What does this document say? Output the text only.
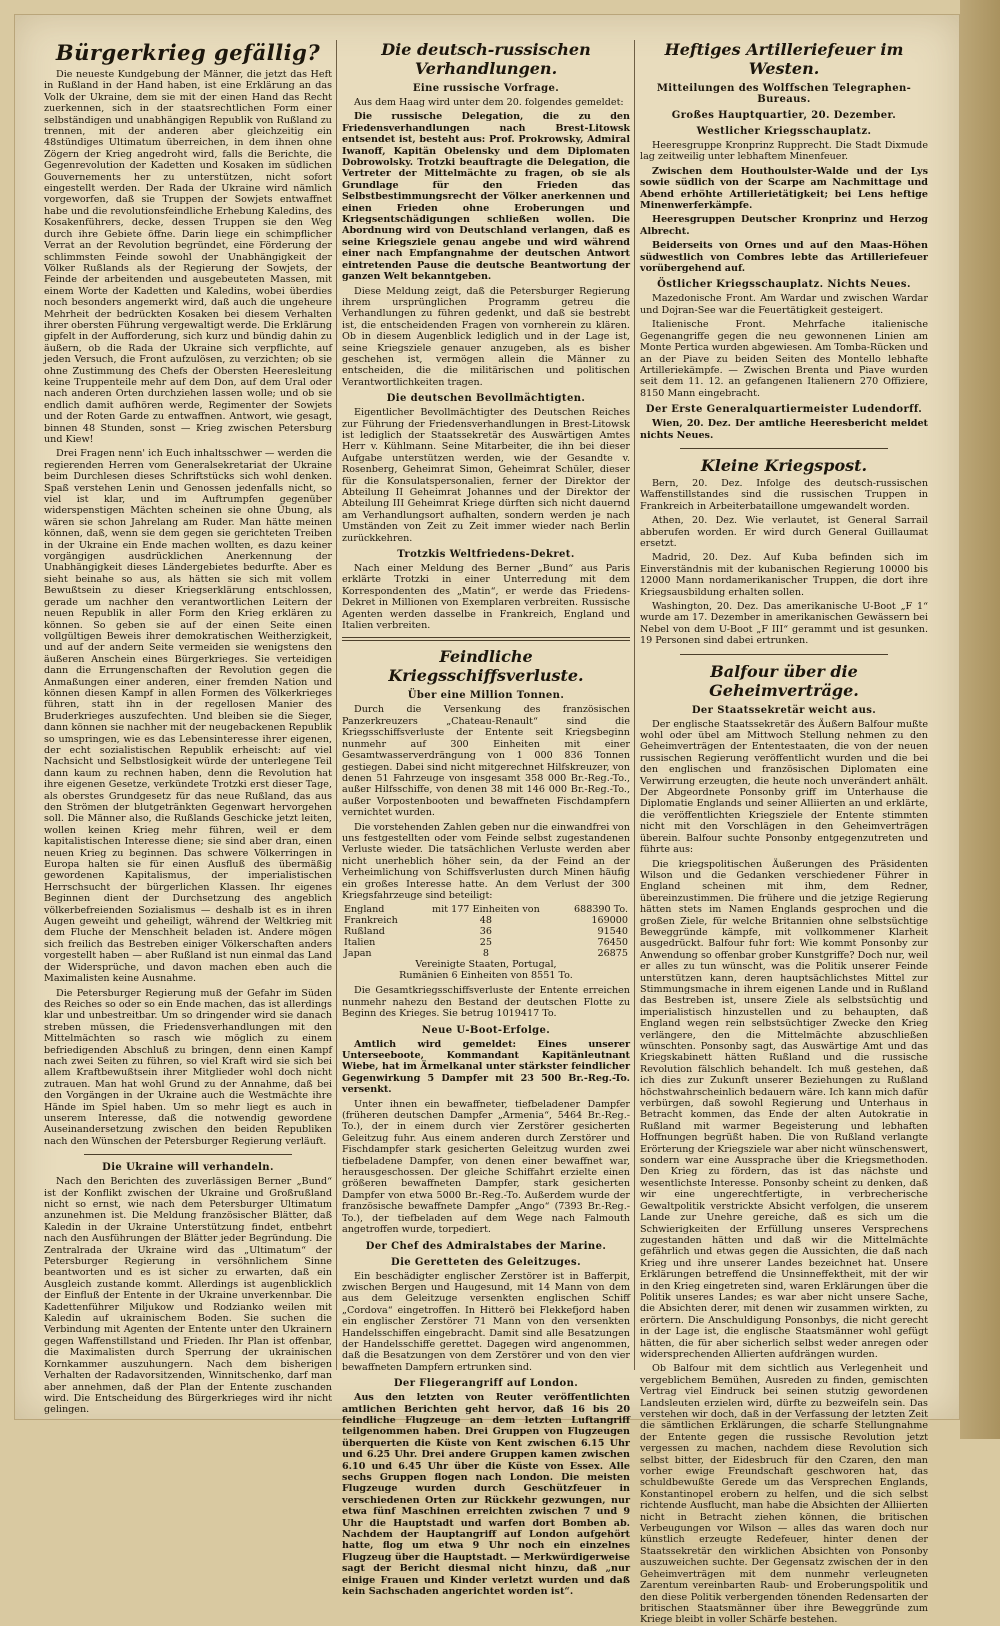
Bürgerkrieg gefällig?

Die neueste Kundgebung der Männer, die jetzt das Heft in Rußland in der Hand haben, ist eine Erklärung an das Volk der Ukraine, dem sie mit der einen Hand das Recht zuerkennen, sich in der staatsrechtlichen Form einer selbständigen und unabhängigen Republik von Rußland zu trennen, mit der anderen aber gleichzeitig ein 48stündiges Ultimatum überreichen, in dem ihnen ohne Zögern der Krieg angedroht wird, falls die Berichte, die Gegenrevolution der Kadetten und Kosaken im südlichen Gouvernements her zu unterstützen, nicht sofort eingestellt werden. Der Rada der Ukraine wird nämlich vorgeworfen, daß sie Truppen der Sowjets entwaffnet habe und die revolutionsfeindliche Erhebung Kaledins, des Kosakenführers, decke, dessen Truppen sie den Weg durch ihre Gebiete öffne. Darin liege ein schimpflicher Verrat an der Revolution begründet, eine Förderung der schlimmsten Feinde sowohl der Unabhängigkeit der Völker Rußlands als der Regierung der Sowjets, der Feinde der arbeitenden und ausgebeuteten Massen, mit einem Worte der Kadetten und Kaledins, wobei überdies noch besonders angemerkt wird, daß auch die ungeheure Mehrheit der bedrückten Kosaken bei diesem Verhalten ihrer obersten Führung vergewaltigt werde. Die Erklärung gipfelt in der Aufforderung, sich kurz und bündig dahin zu äußern, ob die Rada der Ukraine sich verpflichte, auf jeden Versuch, die Front aufzulösen, zu verzichten; ob sie ohne Zustimmung des Chefs der Obersten Heeresleitung keine Truppenteile mehr auf dem Don, auf dem Ural oder nach anderen Orten durchziehen lassen wolle; und ob sie endlich damit aufhören werde, Regimenter der Sowjets und der Roten Garde zu entwaffnen. Antwort, wie gesagt, binnen 48 Stunden, sonst — Krieg zwischen Petersburg und Kiew!

Drei Fragen nenn' ich Euch inhaltsschwer — werden die regierenden Herren vom Generalsekretariat der Ukraine beim Durchlesen dieses Schriftstücks sich wohl denken. Spaß verstehen Lenin und Genossen jedenfalls nicht, so viel ist klar, und im Auftrumpfen gegenüber widerspenstigen Mächten scheinen sie ohne Übung, als wären sie schon Jahrelang am Ruder. Man hätte meinen können, daß, wenn sie dem gegen sie gerichteten Treiben in der Ukraine ein Ende machen wollten, es dazu keiner vorgängigen ausdrücklichen Anerkennung der Unabhängigkeit dieses Ländergebietes bedurfte. Aber es sieht beinahe so aus, als hätten sie sich mit vollem Bewußtsein zu dieser Kriegserklärung entschlossen, gerade um nachher den verantwortlichen Leitern der neuen Republik in aller Form den Krieg erklären zu können. So geben sie auf der einen Seite einen vollgültigen Beweis ihrer demokratischen Weitherzigkeit, und auf der andern Seite vermeiden sie wenigstens den äußeren Anschein eines Bürgerkrieges. Sie verteidigen dann die Errungenschaften der Revolution gegen die Anmaßungen einer anderen, einer fremden Nation und können diesen Kampf in allen Formen des Völkerkrieges führen, statt ihn in der regellosen Manier des Bruderkrieges auszufechten. Und bleiben sie die Sieger, dann können sie nachher mit der neugebackenen Republik so umspringen, wie es das Lebensinteresse ihrer eigenen, der echt sozialistischen Republik erheischt: auf viel Nachsicht und Selbstlosigkeit würde der unterlegene Teil dann kaum zu rechnen haben, denn die Revolution hat ihre eigenen Gesetze, verkündete Trotzki erst dieser Tage, als oberstes Grundgesetz für das neue Rußland, das aus den Strömen der blutgetränkten Gegenwart hervorgehen soll. Die Männer also, die Rußlands Geschicke jetzt leiten, wollen keinen Krieg mehr führen, weil er dem kapitalistischen Interesse diene; sie sind aber dran, einen neuen Krieg zu beginnen. Das schwere Völkerringen in Europa halten sie für einen Ausfluß des übermäßig gewordenen Kapitalismus, der imperialistischen Herrschsucht der bürgerlichen Klassen. Ihr eigenes Beginnen dient der Durchsetzung des angeblich völkerbefreienden Sozialismus — deshalb ist es in ihren Augen geweiht und geheiligt, während der Weltkrieg mit dem Fluche der Menschheit beladen ist. Andere mögen sich freilich das Bestreben einiger Völkerschaften anders vorgestellt haben — aber Rußland ist nun einmal das Land der Widersprüche, und davon machen eben auch die Maximalisten keine Ausnahme.

Die Petersburger Regierung muß der Gefahr im Süden des Reiches so oder so ein Ende machen, das ist allerdings klar und unbestreitbar. Um so dringender wird sie danach streben müssen, die Friedensverhandlungen mit den Mittelmächten so rasch wie möglich zu einem befriedigenden Abschluß zu bringen, denn einen Kampf nach zwei Seiten zu führen, so viel Kraft wird sie sich bei allem Kraftbewußtsein ihrer Mitglieder wohl doch nicht zutrauen. Man hat wohl Grund zu der Annahme, daß bei den Vorgängen in der Ukraine auch die Westmächte ihre Hände im Spiel haben. Um so mehr liegt es auch in unserem Interesse, daß die notwendig gewordene Auseinandersetzung zwischen den beiden Republiken nach den Wünschen der Petersburger Regierung verläuft.

Die Ukraine will verhandeln.

Nach den Berichten des zuverlässigen Berner „Bund“ ist der Konflikt zwischen der Ukraine und Großrußland nicht so ernst, wie nach dem Petersburger Ultimatum anzunehmen ist. Die Meldung französischer Blätter, daß Kaledin in der Ukraine Unterstützung findet, entbehrt nach den Ausführungen der Blätter jeder Begründung. Die Zentralrada der Ukraine wird das „Ultimatum“ der Petersburger Regierung in versöhnlichem Sinne beantworten und es ist sicher zu erwarten, daß ein Ausgleich zustande kommt. Allerdings ist augenblicklich der Einfluß der Entente in der Ukraine unverkennbar. Die Kadettenführer Miljukow und Rodzianko weilen mit Kaledin auf ukrainischem Boden. Sie suchen die Verbindung mit Agenten der Entente unter den Ukrainern gegen Waffenstillstand und Frieden. Ihr Plan ist offenbar, die Maximalisten durch Sperrung der ukrainischen Kornkammer auszuhungern. Nach dem bisherigen Verhalten der Radavorsitzenden, Winnitschenko, darf man aber annehmen, daß der Plan der Entente zuschanden wird. Die Entscheidung des Bürgerkrieges wird ihr nicht gelingen.

Die deutsch-russischen Verhandlungen.
Eine russische Vorfrage.

Aus dem Haag wird unter dem 20. folgendes gemeldet:

Die russische Delegation, die zu den Friedensverhandlungen nach Brest-Litowsk entsendet ist, besteht aus: Prof. Prokrowsky, Admiral Iwanoff, Kapitän Obelensky und dem Diplomaten Dobrowolsky. Trotzki beauftragte die Delegation, die Vertreter der Mittelmächte zu fragen, ob sie als Grundlage für den Frieden das Selbstbestimmungsrecht der Völker anerkennen und einen Frieden ohne Eroberungen und Kriegsentschädigungen schließen wollen. Die Abordnung wird von Deutschland verlangen, daß es seine Kriegsziele genau angebe und wird während einer nach Empfangnahme der deutschen Antwort eintretenden Pause die deutsche Beantwortung der ganzen Welt bekanntgeben.

Diese Meldung zeigt, daß die Petersburger Regierung ihrem ursprünglichen Programm getreu die Verhandlungen zu führen gedenkt, und daß sie bestrebt ist, die entscheidenden Fragen von vornherein zu klären. Ob in diesem Augenblick lediglich und in der Lage ist, seine Kriegsziele genauer anzugeben, als es bisher geschehen ist, vermögen allein die Männer zu entscheiden, die die militärischen und politischen Verantwortlichkeiten tragen.

Die deutschen Bevollmächtigten.

Eigentlicher Bevollmächtigter des Deutschen Reiches zur Führung der Friedensverhandlungen in Brest-Litowsk ist lediglich der Staatssekretär des Auswärtigen Amtes Herr v. Kühlmann. Seine Mitarbeiter, die ihn bei dieser Aufgabe unterstützen werden, wie der Gesandte v. Rosenberg, Geheimrat Simon, Geheimrat Schüler, dieser für die Konsulatspersonalien, ferner der Direktor der Abteilung II Geheimrat Johannes und der Direktor der Abteilung III Geheimrat Kriege dürften sich nicht dauernd am Verhandlungsort aufhalten, sondern werden je nach Umständen von Zeit zu Zeit immer wieder nach Berlin zurückkehren.

Trotzkis Weltfriedens-Dekret.

Nach einer Meldung des Berner „Bund“ aus Paris erklärte Trotzki in einer Unterredung mit dem Korrespondenten des „Matin“, er werde das Friedens-Dekret in Millionen von Exemplaren verbreiten. Russische Agenten werden dasselbe in Frankreich, England und Italien verbreiten.

Feindliche Kriegsschiffsverluste.
Über eine Million Tonnen.

Durch die Versenkung des französischen Panzerkreuzers „Chateau-Renault“ sind die Kriegsschiffsverluste der Entente seit Kriegsbeginn nunmehr auf 300 Einheiten mit einer Gesamtwasserverdrängung von 1 000 836 Tonnen gestiegen. Dabei sind nicht mitgerechnet Hilfskreuzer, von denen 51 Fahrzeuge von insgesamt 358 000 Br.-Reg.-To., außer Hilfsschiffe, von denen 38 mit 146 000 Br.-Reg.-To., außer Vorpostenbooten und bewaffneten Fischdampfern vernichtet wurden.

Die vorstehenden Zahlen geben nur die einwandfrei von uns festgestellten oder vom Feinde selbst zugestandenen Verluste wieder. Die tatsächlichen Verluste werden aber nicht unerheblich höher sein, da der Feind an der Verheimlichung von Schiffsverlusten durch Minen häufig ein großes Interesse hatte. An dem Verlust der 300 Kriegsfahrzeuge sind beteiligt:

England	mit 177 Einheiten von	688390 To.
Frankreich	48	169000
Rußland	36	91540
Italien	25	76450
Japan	8	26875
Vereinigte Staaten, Portugal,		
Rumänien 6 Einheiten von 8551 To.		

Die Gesamtkriegsschiffsverluste der Entente erreichen nunmehr nahezu den Bestand der deutschen Flotte zu Beginn des Krieges. Sie betrug 1019417 To.

Neue U-Boot-Erfolge.

Amtlich wird gemeldet: Eines unserer Unterseeboote, Kommandant Kapitänleutnant Wiebe, hat im Ärmelkanal unter stärkster feindlicher Gegenwirkung 5 Dampfer mit 23 500 Br.-Reg.-To. versenkt.

Unter ihnen ein bewaffneter, tiefbeladener Dampfer (früheren deutschen Dampfer „Armenia“, 5464 Br.-Reg.-To.), der in einem durch vier Zerstörer gesicherten Geleitzug fuhr. Aus einem anderen durch Zerstörer und Fischdampfer stark gesicherten Geleitzug wurden zwei tiefbeladene Dampfer, von denen einer bewaffnet war, herausgeschossen. Der gleiche Schiffahrt erzielte einen größeren bewaffneten Dampfer, stark gesicherten Dampfer von etwa 5000 Br.-Reg.-To. Außerdem wurde der französische bewaffnete Dampfer „Ango“ (7393 Br.-Reg.-To.), der tiefbeladen auf dem Wege nach Falmouth angetroffen wurde, torpediert.

Der Chef des Admiralstabes der Marine.
Die Geretteten des Geleitzuges.

Ein beschädigter englischer Zerstörer ist in Bafferpit, zwischen Bergen und Haugesund, mit 14 Mann von dem aus dem Geleitzuge versenkten englischen Schiff „Cordova“ eingetroffen. In Hitterö bei Flekkefjord haben ein englischer Zerstörer 71 Mann von den versenkten Handelsschiffen eingebracht. Damit sind alle Besatzungen der Handelsschiffe gerettet. Dagegen wird angenommen, daß die Besatzungen von dem Zerstörer und von den vier bewaffneten Dampfern ertrunken sind.

Der Fliegerangriff auf London.

Aus den letzten von Reuter veröffentlichten amtlichen Berichten geht hervor, daß 16 bis 20 feindliche Flugzeuge an dem letzten Luftangriff teilgenommen haben. Drei Gruppen von Flugzeugen überquerten die Küste von Kent zwischen 6.15 Uhr und 6.25 Uhr. Drei andere Gruppen kamen zwischen 6.10 und 6.45 Uhr über die Küste von Essex. Alle sechs Gruppen flogen nach London. Die meisten Flugzeuge wurden durch Geschützfeuer in verschiedenen Orten zur Rückkehr gezwungen, nur etwa fünf Maschinen erreichten zwischen 7 und 9 Uhr die Hauptstadt und warfen dort Bomben ab. Nachdem der Hauptangriff auf London aufgehört hatte, flog um etwa 9 Uhr noch ein einzelnes Flugzeug über die Hauptstadt. — Merkwürdigerweise sagt der Bericht diesmal nicht hinzu, daß „nur einige Frauen und Kinder verletzt wurden und daß kein Sachschaden angerichtet worden ist“.

Heftiges Artilleriefeuer im Westen.
Mitteilungen des Wolffschen Telegraphen-Bureaus.
Großes Hauptquartier, 20. Dezember.
Westlicher Kriegsschauplatz.

Heeresgruppe Kronprinz Rupprecht. Die Stadt Dixmude lag zeitweilig unter lebhaftem Minenfeuer.

Zwischen dem Houthoulster-Walde und der Lys sowie südlich von der Scarpe am Nachmittage und Abend erhöhte Artillerietätigkeit; bei Lens heftige Minenwerferkämpfe.

Heeresgruppen Deutscher Kronprinz und Herzog Albrecht.

Beiderseits von Ornes und auf den Maas-Höhen südwestlich von Combres lebte das Artilleriefeuer vorübergehend auf.

Östlicher Kriegsschauplatz. Nichts Neues.

Mazedonische Front. Am Wardar und zwischen Wardar und Dojran-See war die Feuertätigkeit gesteigert.

Italienische Front. Mehrfache italienische Gegenangriffe gegen die neu gewonnenen Linien am Monte Pertica wurden abgewiesen. Am Tomba-Rücken und an der Piave zu beiden Seiten des Montello lebhafte Artilleriekämpfe. — Zwischen Brenta und Piave wurden seit dem 11. 12. an gefangenen Italienern 270 Offiziere, 8150 Mann eingebracht.

Der Erste Generalquartiermeister Ludendorff.

Wien, 20. Dez. Der amtliche Heeresbericht meldet nichts Neues.

Kleine Kriegspost.

Bern, 20. Dez. Infolge des deutsch-russischen Waffenstillstandes sind die russischen Truppen in Frankreich in Arbeiterbataillone umgewandelt worden.

Athen, 20. Dez. Wie verlautet, ist General Sarrail abberufen worden. Er wird durch General Guillaumat ersetzt.

Madrid, 20. Dez. Auf Kuba befinden sich im Einverständnis mit der kubanischen Regierung 10000 bis 12000 Mann nordamerikanischer Truppen, die dort ihre Kriegsausbildung erhalten sollen.

Washington, 20. Dez. Das amerikanische U-Boot „F 1“ wurde am 17. Dezember in amerikanischen Gewässern bei Nebel von dem U-Boot „F III“ gerammt und ist gesunken. 19 Personen sind dabei ertrunken.

Balfour über die Geheimverträge.
Der Staatssekretär weicht aus.

Der englische Staatssekretär des Äußern Balfour mußte wohl oder übel am Mittwoch Stellung nehmen zu den Geheimverträgen der Ententestaaten, die von der neuen russischen Regierung veröffentlicht wurden und die bei den englischen und französischen Diplomaten eine Verwirrung erzeugten, die heute noch unverändert anhält. Der Abgeordnete Ponsonby griff im Unterhause die Diplomatie Englands und seiner Alliierten an und erklärte, die veröffentlichten Kriegsziele der Entente stimmten nicht mit den Vorschlägen in den Geheimverträgen überein. Balfour suchte Ponsonby entgegenzutreten und führte aus:

Die kriegspolitischen Äußerungen des Präsidenten Wilson und die Gedanken verschiedener Führer in England scheinen mit ihm, dem Redner, übereinzustimmen. Die frühere und die jetzige Regierung hätten stets im Namen Englands gesprochen und die großen Ziele, für welche Britannien ohne selbstsüchtige Beweggründe kämpfe, mit vollkommener Klarheit ausgedrückt. Balfour fuhr fort: Wie kommt Ponsonby zur Anwendung so offenbar grober Kunstgriffe? Doch nur, weil er alles zu tun wünscht, was die Politik unserer Feinde unterstützen kann, deren hauptsächlichstes Mittel zur Stimmungsmache in ihrem eigenen Lande und in Rußland das Bestreben ist, unsere Ziele als selbstsüchtig und imperialistisch hinzustellen und zu behaupten, daß England wegen rein selbstsüchtiger Zwecke den Krieg verlängere, den die Mittelmächte abzuschließen wünschten. Ponsonby sagt, das Auswärtige Amt und das Kriegskabinett hätten Rußland und die russische Revolution fälschlich behandelt. Ich muß gestehen, daß ich dies zur Zukunft unserer Beziehungen zu Rußland höchstwahrscheinlich bedauern wäre. Ich kann mich dafür verbürgen, daß sowohl Regierung und Unterhaus in Betracht kommen, das Ende der alten Autokratie in Rußland mit warmer Begeisterung und lebhaften Hoffnungen begrüßt haben. Die von Rußland verlangte Erörterung der Kriegsziele war aber nicht wünschenswert, sondern war eine Aussprache über die Kriegsmethoden. Den Krieg zu fördern, das ist das nächste und wesentlichste Interesse. Ponsonby scheint zu denken, daß wir eine ungerechtfertigte, in verbrecherische Gewaltpolitik verstrickte Absicht verfolgen, die unserem Lande zur Unehre gereiche, daß es sich um die Schwierigkeiten der Erfüllung unseres Versprechens zugestanden hätten und daß wir die Mittelmächte gefährlich und etwas gegen die Aussichten, die daß nach Krieg und ihre unserer Landes bezeichnet hat. Unsere Erklärungen betreffend die Unsinneffektheit, mit der wir in den Krieg eingetreten sind, waren Erklärungen über die Politik unseres Landes; es war aber nicht unsere Sache, die Absichten derer, mit denen wir zusammen wirkten, zu erörtern. Die Anschuldigung Ponsonbys, die nicht gerecht in der Lage ist, die englische Staatsmänner wohl gefügt hätten, die für aber sicherlich selbst weder anregen oder widersprechenden Allierten aufdrängen wurden.

Ob Balfour mit dem sichtlich aus Verlegenheit und vergeblichem Bemühen, Ausreden zu finden, gemischten Vertrag viel Eindruck bei seinen stutzig gewordenen Landsleuten erzielen wird, dürfte zu bezweifeln sein. Das verstehen wir doch, daß in der Verfassung der letzten Zeit die sämtlichen Erklärungen, die scharfe Stellungnahme der Entente gegen die russische Revolution jetzt vergessen zu machen, nachdem diese Revolution sich selbst bitter, der Eidesbruch für den Czaren, den man vorher ewige Freundschaft geschworen hat, das schuldbewußte Gerede um das Versprechen Englands, Konstantinopel erobern zu helfen, und die sich selbst richtende Ausflucht, man habe die Absichten der Alliierten nicht in Betracht ziehen können, die britischen Verbeugungen vor Wilson — alles das waren doch nur künstlich erzeugte Redefeuer, hinter denen der Staatssekretär den wirklichen Absichten von Ponsonby auszuweichen suchte. Der Gegensatz zwischen der in den Geheimverträgen mit dem nunmehr verleugneten Zarentum vereinbarten Raub- und Eroberungspolitik und den diese Politik verbergenden tönenden Redensarten der britischen Staatsmänner über ihre Beweggründe zum Kriege bleibt in voller Schärfe bestehen.
